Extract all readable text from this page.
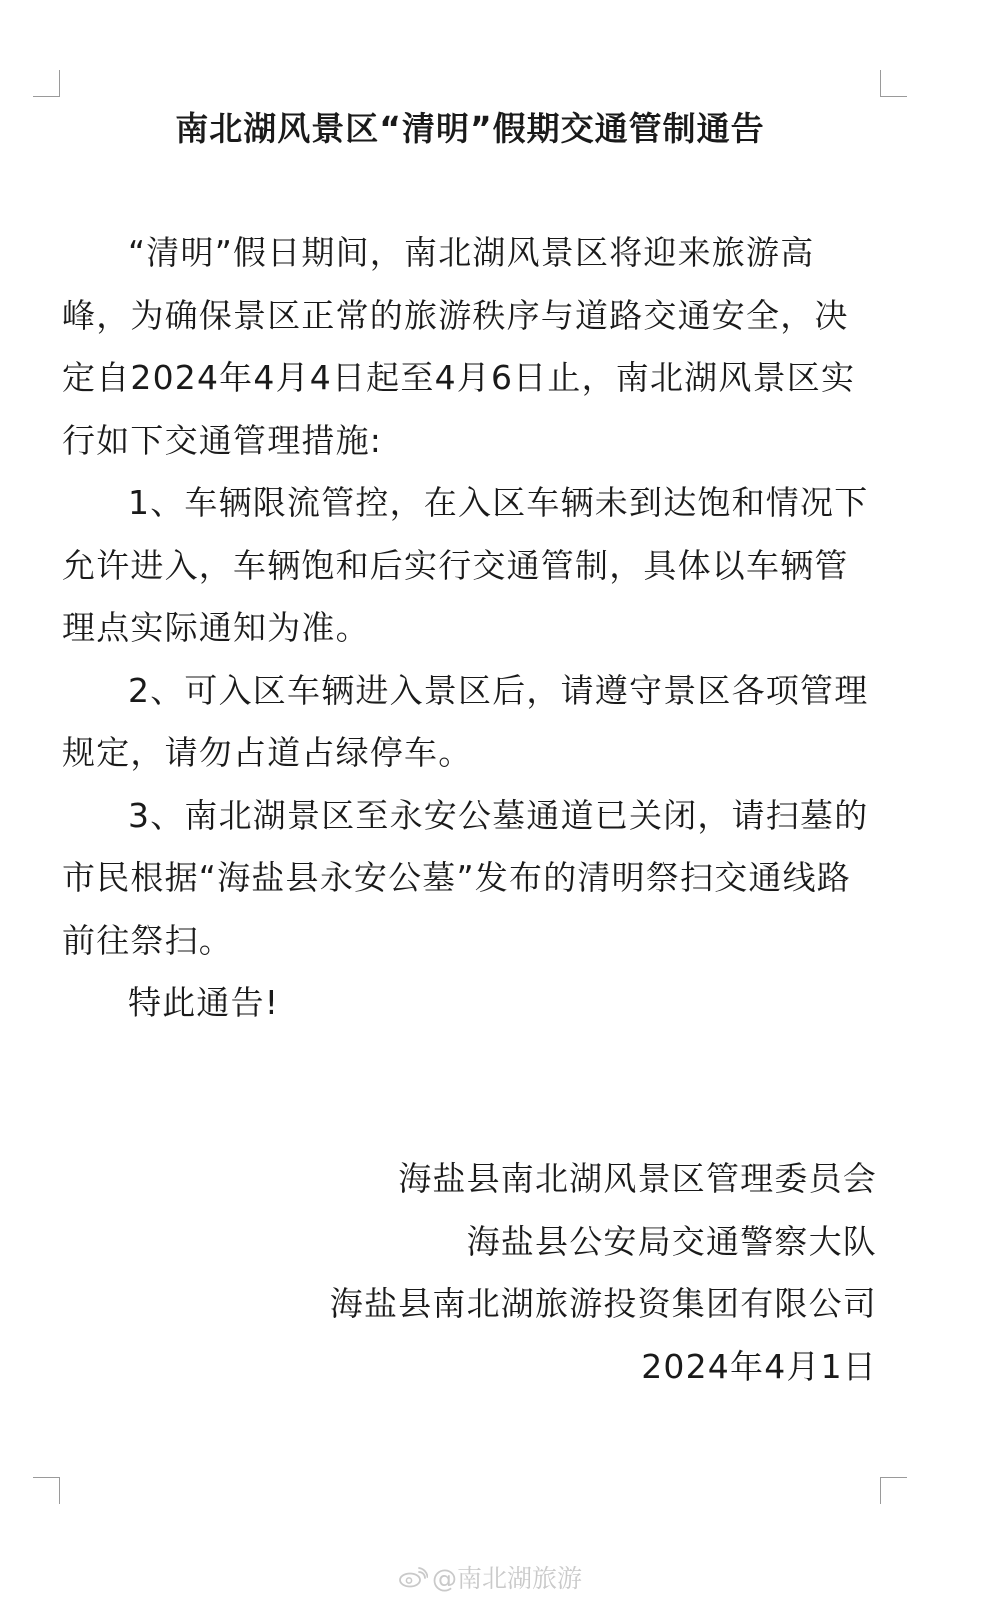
南北湖风景区“清明”假期交通管制通告

“清明”假日期间，南北湖风景区将迎来旅游高峰，为确保景区正常的旅游秩序与道路交通安全，决定自2024年4月4日起至4月6日止，南北湖风景区实行如下交通管理措施:

1、车辆限流管控，在入区车辆未到达饱和情况下允许进入，车辆饱和后实行交通管制，具体以车辆管理点实际通知为准。

2、可入区车辆进入景区后，请遵守景区各项管理规定，请勿占道占绿停车。

3、南北湖景区至永安公墓通道已关闭，请扫墓的市民根据“海盐县永安公墓”发布的清明祭扫交通线路前往祭扫。

特此通告!

海盐县南北湖风景区管理委员会
海盐县公安局交通警察大队
海盐县南北湖旅游投资集团有限公司
2024年4月1日
@南北湖旅游
